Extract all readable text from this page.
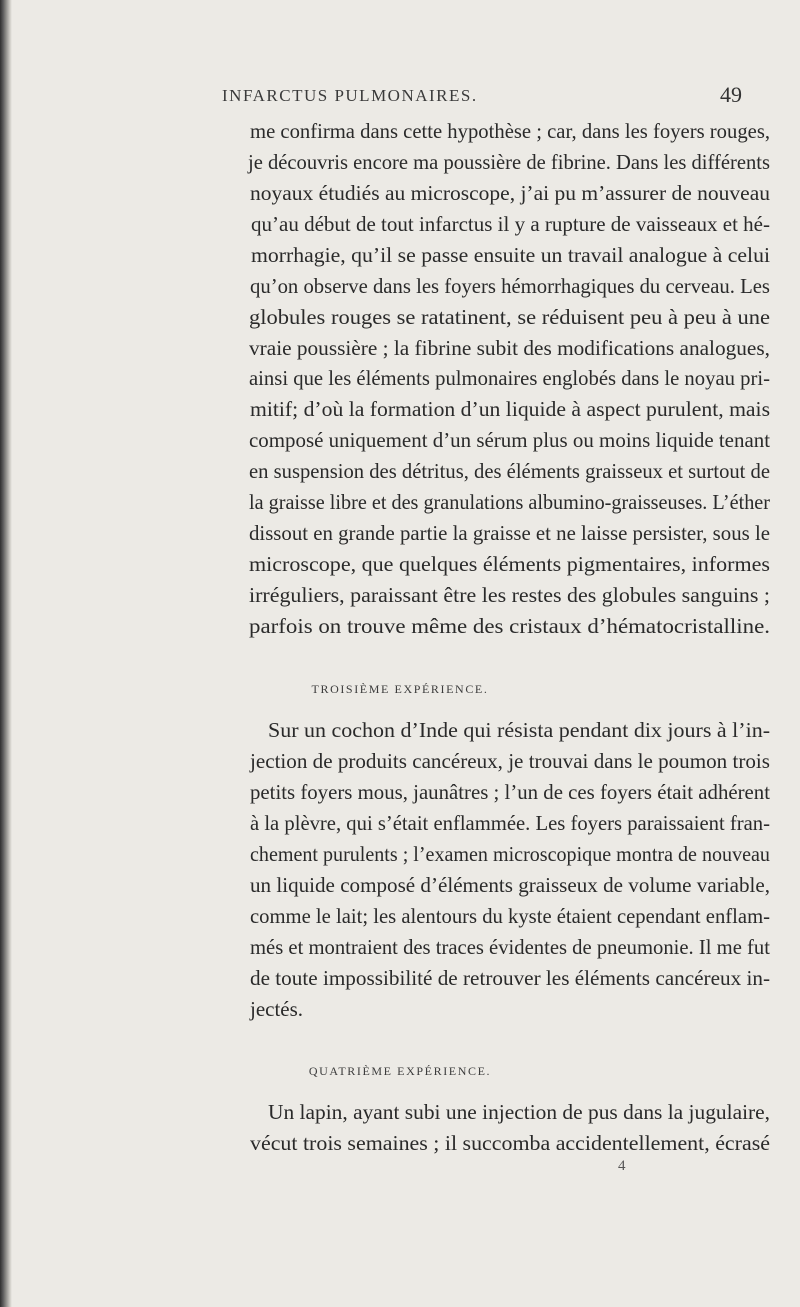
INFARCTUS PULMONAIRES.	49
me confirma dans cette hypothèse ; car, dans les foyers rouges,
je découvris encore ma poussière de fibrine. Dans les différents
noyaux étudiés au microscope, j’ai pu m’assurer de nouveau
qu’au début de tout infarctus il y a rupture de vaisseaux et hé-
morrhagie, qu’il se passe ensuite un travail analogue à celui
qu’on observe dans les foyers hémorrhagiques du cerveau. Les
globules rouges se ratatinent, se réduisent peu à peu à une
vraie poussière ; la fibrine subit des modifications analogues,
ainsi que les éléments pulmonaires englobés dans le noyau pri-
mitif; d’où la formation d’un liquide à aspect purulent, mais
composé uniquement d’un sérum plus ou moins liquide tenant
en suspension des détritus, des éléments graisseux et surtout de
la graisse libre et des granulations albumino-graisseuses. L’éther
dissout en grande partie la graisse et ne laisse persister, sous le
microscope, que quelques éléments pigmentaires, informes
irréguliers, paraissant être les restes des globules sanguins ;
parfois on trouve même des cristaux d’hématocristalline.
TROISIÈME EXPÉRIENCE.
Sur un cochon d’Inde qui résista pendant dix jours à l’in-
jection de produits cancéreux, je trouvai dans le poumon trois
petits foyers mous, jaunâtres ; l’un de ces foyers était adhérent
à la plèvre, qui s’était enflammée. Les foyers paraissaient fran-
chement purulents ; l’examen microscopique montra de nouveau
un liquide composé d’éléments graisseux de volume variable,
comme le lait; les alentours du kyste étaient cependant enflam-
més et montraient des traces évidentes de pneumonie. Il me fut
de toute impossibilité de retrouver les éléments cancéreux in-
jectés.
QUATRIÈME EXPÉRIENCE.
Un lapin, ayant subi une injection de pus dans la jugulaire,
vécut trois semaines ; il succomba accidentellement, écrasé
4
